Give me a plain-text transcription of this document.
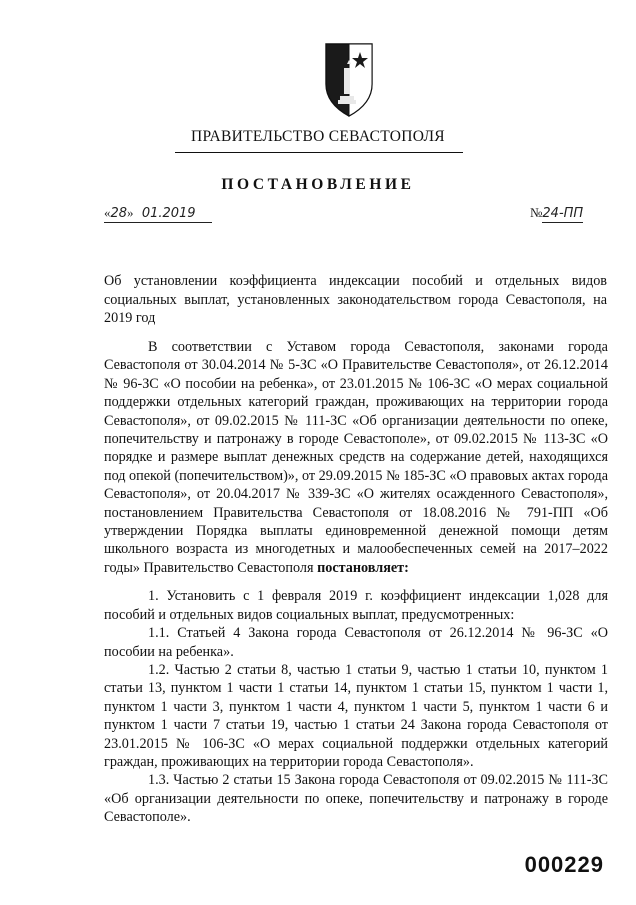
ПРАВИТЕЛЬСТВО СЕВАСТОПОЛЯ
ПОСТАНОВЛЕНИЕ
«28» 01.2019	№24-ПП
Об установлении коэффициента индексации пособий и отдельных видов социальных выплат, установленных законодательством города Севастополя, на 2019 год

В соответствии с Уставом города Севастополя, законами города Севастополя от 30.04.2014 № 5-ЗС «О Правительстве Севастополя», от 26.12.2014 № 96-ЗС «О пособии на ребенка», от 23.01.2015 № 106-ЗС «О мерах социальной поддержки отдельных категорий граждан, проживающих на территории города Севастополя», от 09.02.2015 № 111-ЗС «Об организации деятельности по опеке, попечительству и патронажу в городе Севастополе», от 09.02.2015 № 113-ЗС «О порядке и размере выплат денежных средств на содержание детей, находящихся под опекой (попечительством)», от 29.09.2015 № 185-ЗС «О правовых актах города Севастополя», от 20.04.2017 № 339-ЗС «О жителях осажденного Севастополя», постановлением Правительства Севастополя от 18.08.2016 № 791-ПП «Об утверждении Порядка выплаты единовременной денежной помощи детям школьного возраста из многодетных и малообеспеченных семей на 2017–2022 годы» Правительство Севастополя постановляет:

1. Установить с 1 февраля 2019 г. коэффициент индексации 1,028 для пособий и отдельных видов социальных выплат, предусмотренных:

1.1. Статьей 4 Закона города Севастополя от 26.12.2014 № 96-ЗС «О пособии на ребенка».

1.2. Частью 2 статьи 8, частью 1 статьи 9, частью 1 статьи 10, пунктом 1 статьи 13, пунктом 1 части 1 статьи 14, пунктом 1 статьи 15, пунктом 1 части 1, пунктом 1 части 3, пунктом 1 части 4, пунктом 1 части 5, пунктом 1 части 6 и пунктом 1 части 7 статьи 19, частью 1 статьи 24 Закона города Севастополя от 23.01.2015 № 106-ЗС «О мерах социальной поддержки отдельных категорий граждан, проживающих на территории города Севастополя».

1.3. Частью 2 статьи 15 Закона города Севастополя от 09.02.2015 № 111-ЗС «Об организации деятельности по опеке, попечительству и патронажу в городе Севастополе».

000229
